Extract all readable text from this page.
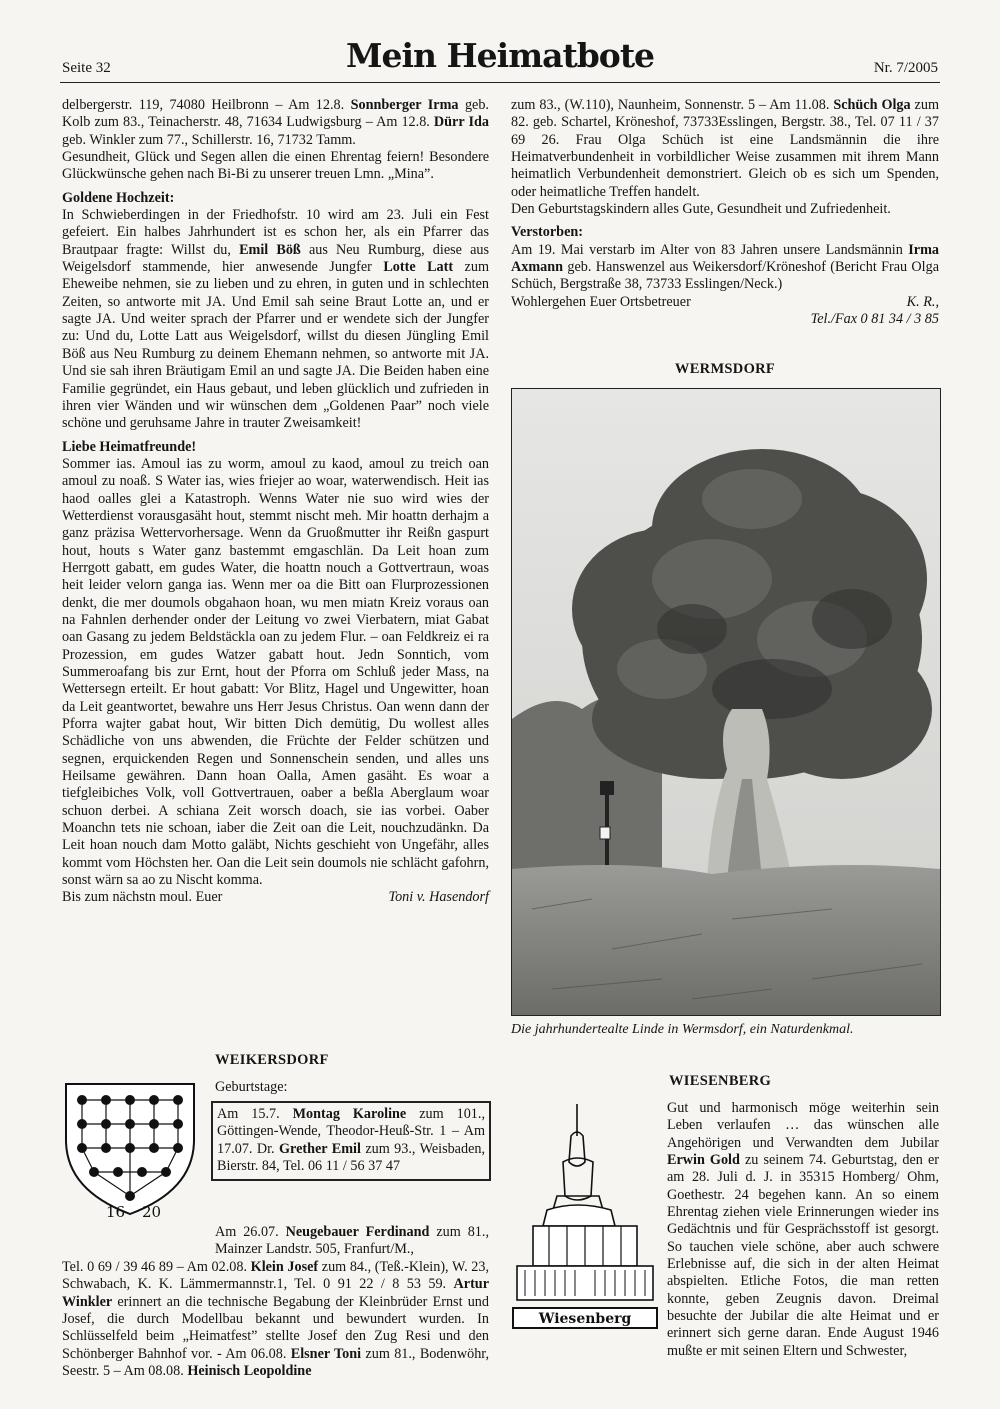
Seite 32	Mein Heimatbote	Nr. 7/2005

delbergerstr. 119, 74080 Heilbronn – Am 12.8. Sonnberger Irma geb. Kolb zum 83., Teinacherstr. 48, 71634 Ludwigsburg – Am 12.8. Dürr Ida geb. Winkler zum 77., Schillerstr. 16, 71732 Tamm.

Gesundheit, Glück und Segen allen die einen Ehrentag feiern! Besondere Glückwünsche gehen nach Bi-Bi zu unserer treuen Lmn. „Mina”.

Goldene Hochzeit:

In Schwieberdingen in der Friedhofstr. 10 wird am 23. Juli ein Fest gefeiert. Ein halbes Jahrhundert ist es schon her, als ein Pfarrer das Brautpaar fragte: Willst du, Emil Böß aus Neu Rumburg, diese aus Weigelsdorf stammende, hier anwesende Jungfer Lotte Latt zum Eheweibe nehmen, sie zu lieben und zu ehren, in guten und in schlechten Zeiten, so antworte mit JA. Und Emil sah seine Braut Lotte an, und er sagte JA. Und weiter sprach der Pfarrer und er wendete sich der Jungfer zu: Und du, Lotte Latt aus Weigelsdorf, willst du diesen Jüngling Emil Böß aus Neu Rumburg zu deinem Ehemann nehmen, so antworte mit JA. Und sie sah ihren Bräutigam Emil an und sagte JA. Die Beiden haben eine Familie gegründet, ein Haus gebaut, und leben glücklich und zufrieden in ihren vier Wänden und wir wünschen dem „Goldenen Paar” noch viele schöne und geruhsame Jahre in trauter Zweisamkeit!

Liebe Heimatfreunde!

Sommer ias. Amoul ias zu worm, amoul zu kaod, amoul zu treich oan amoul zu noaß. S Water ias, wies friejer ao woar, waterwendisch. Heit ias haod oalles glei a Katastroph. Wenns Water nie suo wird wies der Wetterdienst vorausgasäht hout, stemmt nischt meh. Mir hoattn derhajm a ganz präzisa Wettervorhersage. Wenn da Gruoßmutter ihr Reißn gaspurt hout, houts s Water ganz bastemmt emgaschlän. Da Leit hoan zum Herrgott gabatt, em gudes Water, die hoattn nouch a Gottvertraun, woas heit leider velorn ganga ias. Wenn mer oa die Bitt oan Flurprozessionen denkt, die mer doumols obgahaon hoan, wu men miatn Kreiz voraus oan na Fahnlen derhender onder der Leitung vo zwei Vierbatern, miat Gabat oan Gasang zu jedem Beldstäckla oan zu jedem Flur. – oan Feldkreiz ei ra Prozession, em gudes Watzer gabatt hout. Jedn Sonntich, vom Summeroafang bis zur Ernt, hout der Pforra om Schluß jeder Mass, na Wettersegn erteilt. Er hout gabatt: Vor Blitz, Hagel und Ungewitter, hoan da Leit geantwortet, bewahre uns Herr Jesus Christus. Oan wenn dann der Pforra wajter gabat hout, Wir bitten Dich demütig, Du wollest alles Schädliche von uns abwenden, die Früchte der Felder schützen und segnen, erquickenden Regen und Sonnenschein senden, und alles uns Heilsame gewähren. Dann hoan Oalla, Amen gasäht. Es woar a tiefgleibiches Volk, voll Gottvertrauen, oaber a beßla Aberglaum woar schuon derbei. A schiana Zeit worsch doach, sie ias vorbei. Oaber Moanchn tets nie schoan, iaber die Zeit oan die Leit, nouchzudänkn. Da Leit hoan nouch dam Motto galäbt, Nichts geschieht von Ungefähr, alles kommt vom Höchsten her. Oan die Leit sein doumols nie schlächt gafohrn, sonst wärn sa ao zu Nischt komma.

Bis zum nächstn moul. Euer	Toni v. Hasendorf

zum 83., (W.110), Naunheim, Sonnenstr. 5 – Am 11.08. Schüch Olga zum 82. geb. Schartel, Kröneshof, 73733Esslingen, Bergstr. 38., Tel. 07 11 / 37 69 26. Frau Olga Schüch ist eine Landsmännin die ihre Heimatverbundenheit in vorbildlicher Weise zusammen mit ihrem Mann heimatlich Verbundenheit demonstriert. Gleich ob es sich um Spenden, oder heimatliche Treffen handelt.

Den Geburtstagskindern alles Gute, Gesundheit und Zufriedenheit.

Verstorben:

Am 19. Mai verstarb im Alter von 83 Jahren unsere Landsmännin Irma Axmann geb. Hanswenzel aus Weikersdorf/Kröneshof (Bericht Frau Olga Schüch, Bergstraße 38, 73733 Esslingen/Neck.)

Wohlergehen Euer Ortsbetreuer	K. R.,
Tel./Fax 0 81 34 / 3 85
WERMSDORF
Die jahrhundertealte Linde in Wermsdorf, ein Naturdenkmal.
WEIKERSDORF
Geburtstage:
16 20
Am 15.7. Montag Karoline zum 101., Göttingen-Wende, Theodor-Heuß-Str. 1 – Am 17.07. Dr. Grether Emil zum 93., Weisbaden, Bierstr. 84, Tel. 06 11 / 56 37 47
Am 26.07. Neugebauer Ferdinand zum 81., Mainzer Landstr. 505, Franfurt/M.,
Tel. 0 69 / 39 46 89 – Am 02.08. Klein Josef zum 84., (Teß.-Klein), W. 23, Schwabach, K. K. Lämmermannstr.1, Tel. 0 91 22 / 8 53 59. Artur Winkler erinnert an die technische Begabung der Kleinbrüder Ernst und Josef, die durch Modellbau bekannt und bewundert wurden. In Schlüsselfeld beim „Heimatfest” stellte Josef den Zug Resi und den Schönberger Bahnhof vor. - Am 06.08. Elsner Toni zum 81., Bodenwöhr, Seestr. 5 – Am 08.08. Heinisch Leopoldine
WIESENBERG
Wiesenberg
Gut und harmonisch möge weiterhin sein Leben verlaufen … das wünschen alle Angehörigen und Verwandten dem Jubilar Erwin Gold zu seinem 74. Geburtstag, den er am 28. Juli d. J. in 35315 Homberg/ Ohm, Goethestr. 24 begehen kann. An so einem Ehrentag ziehen viele Erinnerungen wieder ins Gedächtnis und für Gesprächsstoff ist gesorgt. So tauchen viele schöne, aber auch schwere Erlebnisse auf, die sich in der alten Heimat abspielten. Etliche Fotos, die man retten konnte, geben Zeugnis davon. Dreimal besuchte der Jubilar die alte Heimat und er erinnert sich gerne daran. Ende August 1946 mußte er mit seinen Eltern und Schwester,
